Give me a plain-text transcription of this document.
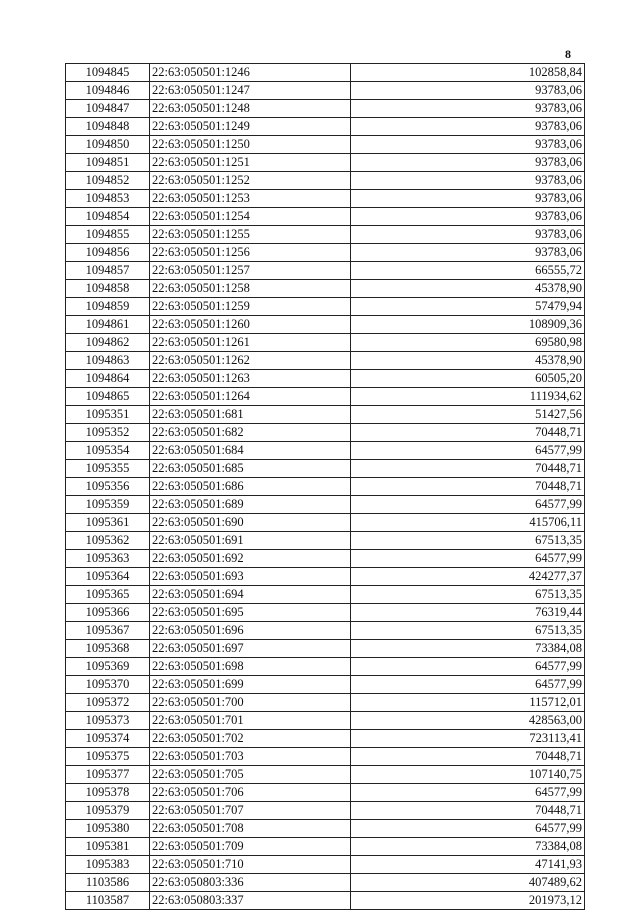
8
1094845	22:63:050501:1246	102858,84
1094846	22:63:050501:1247	93783,06
1094847	22:63:050501:1248	93783,06
1094848	22:63:050501:1249	93783,06
1094850	22:63:050501:1250	93783,06
1094851	22:63:050501:1251	93783,06
1094852	22:63:050501:1252	93783,06
1094853	22:63:050501:1253	93783,06
1094854	22:63:050501:1254	93783,06
1094855	22:63:050501:1255	93783,06
1094856	22:63:050501:1256	93783,06
1094857	22:63:050501:1257	66555,72
1094858	22:63:050501:1258	45378,90
1094859	22:63:050501:1259	57479,94
1094861	22:63:050501:1260	108909,36
1094862	22:63:050501:1261	69580,98
1094863	22:63:050501:1262	45378,90
1094864	22:63:050501:1263	60505,20
1094865	22:63:050501:1264	111934,62
1095351	22:63:050501:681	51427,56
1095352	22:63:050501:682	70448,71
1095354	22:63:050501:684	64577,99
1095355	22:63:050501:685	70448,71
1095356	22:63:050501:686	70448,71
1095359	22:63:050501:689	64577,99
1095361	22:63:050501:690	415706,11
1095362	22:63:050501:691	67513,35
1095363	22:63:050501:692	64577,99
1095364	22:63:050501:693	424277,37
1095365	22:63:050501:694	67513,35
1095366	22:63:050501:695	76319,44
1095367	22:63:050501:696	67513,35
1095368	22:63:050501:697	73384,08
1095369	22:63:050501:698	64577,99
1095370	22:63:050501:699	64577,99
1095372	22:63:050501:700	115712,01
1095373	22:63:050501:701	428563,00
1095374	22:63:050501:702	723113,41
1095375	22:63:050501:703	70448,71
1095377	22:63:050501:705	107140,75
1095378	22:63:050501:706	64577,99
1095379	22:63:050501:707	70448,71
1095380	22:63:050501:708	64577,99
1095381	22:63:050501:709	73384,08
1095383	22:63:050501:710	47141,93
1103586	22:63:050803:336	407489,62
1103587	22:63:050803:337	201973,12
